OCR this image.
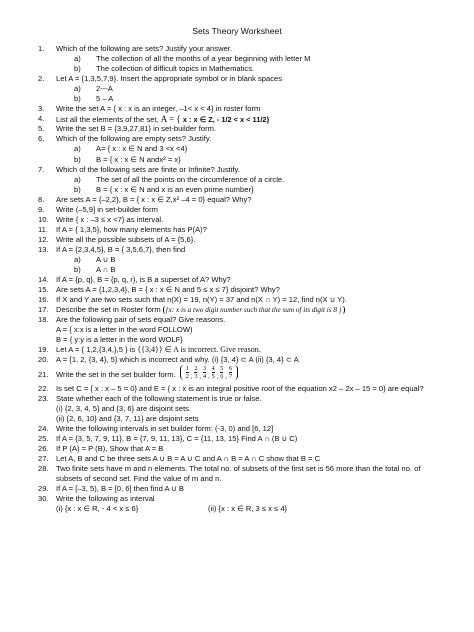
Sets Theory Worksheet
1.	Which of the following are sets? Justify your answer.
a)	The collection of all the months of a year beginning with letter M
b)	The collection of difficult topics in Mathematics.
2.	Let A = {1,3,5,7,9}. Insert the appropriate symbol or in blank spaces
a)	2---A
b)	5 – A
3.	Write the set A = { x : x is an integer, –1< x < 4} in roster form
4.	List all the elements of the set, A = { x : x ∈ Z, - 1/2 < x < 11/2}
5.	Write the set B = {3,9,27,81} in set-builder form.
6.	Which of the following are empty sets? Justify.
a)	A= { x : x ∈ N and 3 <x <4}
b)	B = { x : x ∈ N andx² = x}
7.	Which of the following sets are finite or Infinite? Justify.
a)	The set of all the points on the circumference of a circle.
b)	B = { x : x ∈ N and x is an even prime number}
8.	Are sets A = {–2,2}, B = { x : x ∈ Z,x² –4 = 0} equal? Why?
9.	Write (–5,9] in set-builder form
10. Write { x : –3 ≤ x <7} as interval.
11.	If A = { 1,3,5}, how many elements has P(A)?
12. Write all the possible subsets of A = {5,6}.
13. If A = {2,3,4,5}, B = { 3,5,6,7}, then find
a)	A ∪ B
b)	A ∩ B
14. If A = {p, q}, B = {p, q, r}, is B a superset of A? Why?
15. Are sets A = {1,2,3,4}, B = { x : x ∈ N and 5 ≤ x ≤ 7} disjoint? Why?
16. If X and Y are two sets such that n(X) = 19, n(Y) = 37 and n(X ∩ Y) = 12, find n(X ∪ Y).
17. Describe the set in Roster form {x: x is a two digit number such that the sum of its digit is 8 }
18. Are the following pair of sets equal? Give reasons.
A = { x:x is a letter in the word FOLLOW)
B = { y:y is a letter in the word WOLF}
19. Let A = { 1,2,{3,4,},5 } is {{3,4}} ∈ A is incorrect. Give reason.
20. A = {1, 2, {3, 4}, 5} which is incorrect and why. (i) {3, 4} ⊂ A (ii) {3, 4} ⊂ A
21. Write the set in the set builder form. $\frac{1}{2}$ , $\frac{2}{3}$ , $\frac{3}{4}$ , $\frac{4}{5}$ , $\frac{5}{6}$ , $\frac{6}{7}$
22. Is set C = { x : x – 5 = 0} and E = { x : x is an integral positive root of the equation x2 – 2x – 15 = 0} are equal?
23. State whether each of the following statement is true or false.
(i) {2, 3, 4, 5} and {3, 6} are disjoint sets.
(ii) {2, 6, 10} and {3, 7, 11} are disjoint sets
24. Write the following intervals in set builder form: (-3, 0) and [6, 12]
25. If A = {3, 5, 7, 9, 11}, B = {7, 9, 11, 13}, C = {11, 13, 15} Find A ∩ (B ∪ C)
26. If P (A) = P (B), Show that A = B
27. Let A, B and C be three sets A ∪ B = A ∪ C and A ∩ B = A ∩ C show that B = C
28. Two finite sets have m and n elements. The total no. of subsets of the first set is 56 more than the total no. of
subsets of second set. Find the value of m and n.
29. If A = [–3, 5), B = [0, 6] then find A ∪ B
30. Write the following as interval
(i) {x : x ∈ R, - 4 < x ≤ 6}	(ii) {x : x ∈ R, 3 ≤ x ≤ 4}
